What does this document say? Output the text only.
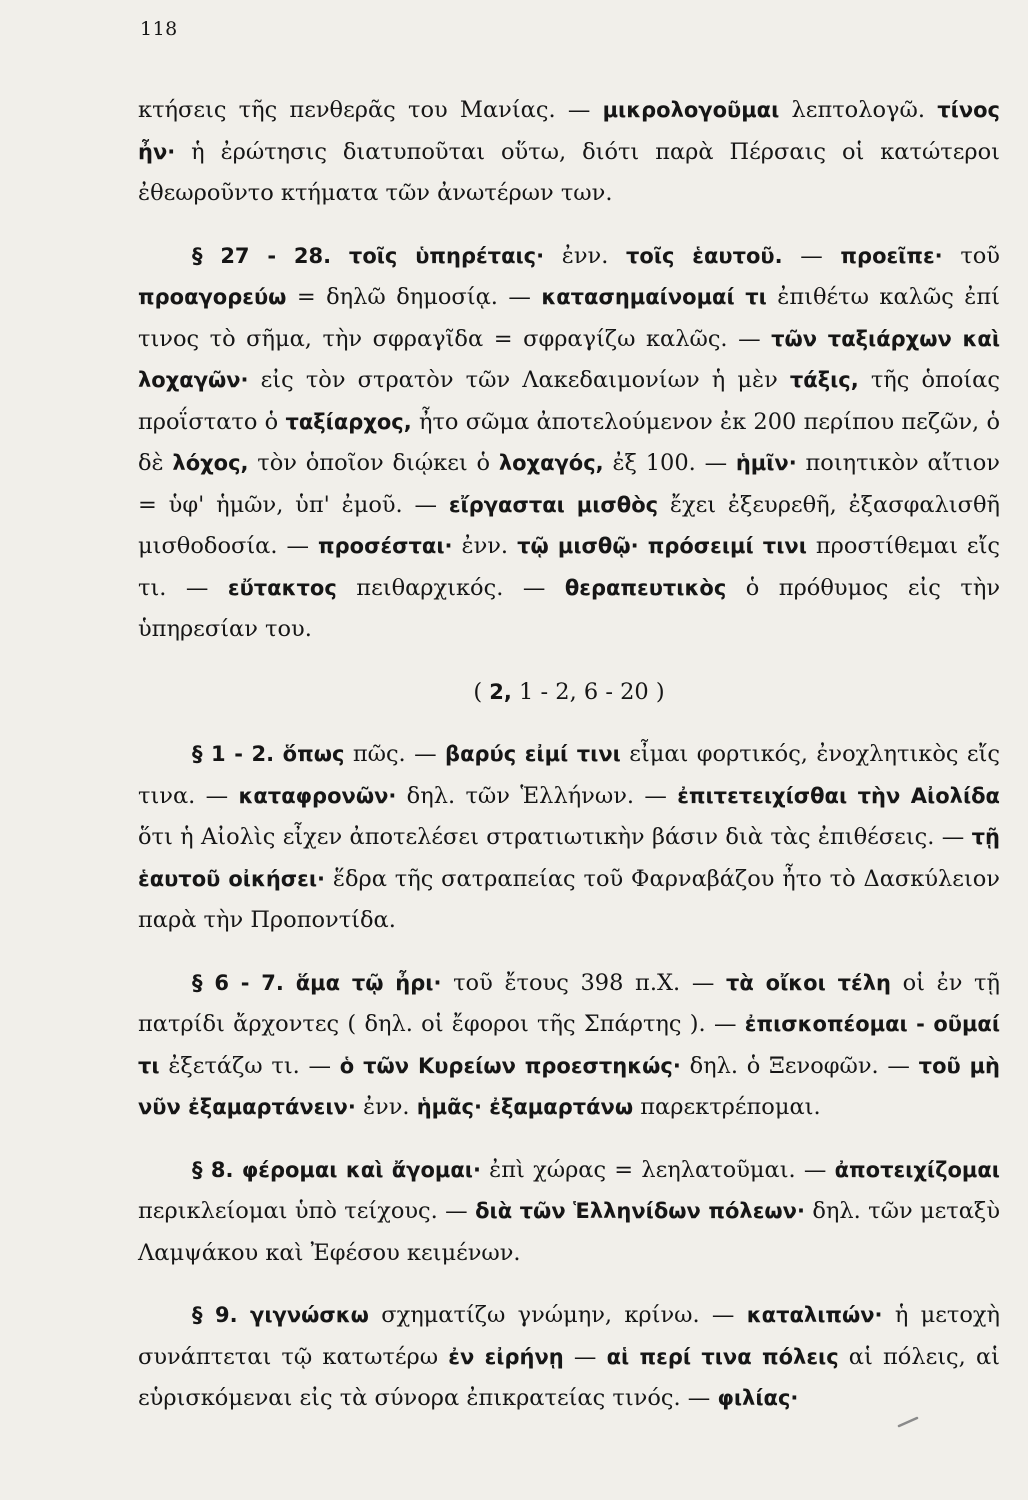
118

κτήσεις τῆς πενθερᾶς του Μανίας. — μικρολογοῦμαι λεπτολογῶ. τίνος ἦν· ἡ ἐρώτησις διατυποῦται οὕτω, διότι παρὰ Πέρσαις οἱ κατώτεροι ἐθεωροῦντο κτήματα τῶν ἀνωτέρων των.

§ 27 - 28. τοῖς ὑπηρέταις· ἐνν. τοῖς ἑαυτοῦ. — προεῖπε· τοῦ προαγορεύω = δηλῶ δημοσίᾳ. — κατασημαίνομαί τι ἐπιθέτω καλῶς ἐπί τινος τὸ σῆμα, τὴν σφραγῖδα = σφραγίζω καλῶς. — τῶν ταξιάρχων καὶ λοχαγῶν· εἰς τὸν στρατὸν τῶν Λακεδαιμονίων ἡ μὲν τάξις, τῆς ὁποίας προΐστατο ὁ ταξίαρχος, ἦτο σῶμα ἀποτελούμενον ἐκ 200 περίπου πεζῶν, ὁ δὲ λόχος, τὸν ὁποῖον διῴκει ὁ λοχαγός, ἐξ 100. — ἡμῖν· ποιητικὸν αἴτιον = ὑφ' ἡμῶν, ὑπ' ἐμοῦ. — εἴργασται μισθὸς ἔχει ἐξευρεθῆ, ἐξασφαλισθῆ μισθοδοσία. — προσέσται· ἐνν. τῷ μισθῷ· πρόσειμί τινι προστίθεμαι εἴς τι. — εὔτακτος πειθαρχικός. — θεραπευτικὸς ὁ πρόθυμος εἰς τὴν ὑπηρεσίαν του.

( 2, 1 - 2, 6 - 20 )

§ 1 - 2. ὅπως πῶς. — βαρύς εἰμί τινι εἶμαι φορτικός, ἐνοχλητικὸς εἴς τινα. — καταφρονῶν· δηλ. τῶν Ἑλλήνων. — ἐπιτετειχίσθαι τὴν Αἰολίδα ὅτι ἡ Αἰολὶς εἶχεν ἀποτελέσει στρατιωτικὴν βάσιν διὰ τὰς ἐπιθέσεις. — τῇ ἑαυτοῦ οἰκήσει· ἕδρα τῆς σατραπείας τοῦ Φαρναβάζου ἦτο τὸ Δασκύλειον παρὰ τὴν Προποντίδα.

§ 6 - 7. ἅμα τῷ ἦρι· τοῦ ἔτους 398 π.Χ. — τὰ οἴκοι τέλη οἱ ἐν τῇ πατρίδι ἄρχοντες ( δηλ. οἱ ἔφοροι τῆς Σπάρτης ). — ἐπισκοπέομαι - οῦμαί τι ἐξετάζω τι. — ὁ τῶν Κυρείων προεστηκώς· δηλ. ὁ Ξενοφῶν. — τοῦ μὴ νῦν ἐξαμαρτάνειν· ἐνν. ἡμᾶς· ἐξαμαρτάνω παρεκτρέπομαι.

§ 8. φέρομαι καὶ ἄγομαι· ἐπὶ χώρας = λεηλατοῦμαι. — ἀποτειχίζομαι περικλείομαι ὑπὸ τείχους. — διὰ τῶν Ἑλληνίδων πόλεων· δηλ. τῶν μεταξὺ Λαμψάκου καὶ Ἐφέσου κειμένων.

§ 9. γιγνώσκω σχηματίζω γνώμην, κρίνω. — καταλιπών· ἡ μετοχὴ συνάπτεται τῷ κατωτέρω ἐν εἰρήνῃ — αἱ περί τινα πόλεις αἱ πόλεις, αἱ εὑρισκόμεναι εἰς τὰ σύνορα ἐπικρατείας τινός. — φιλίας·
